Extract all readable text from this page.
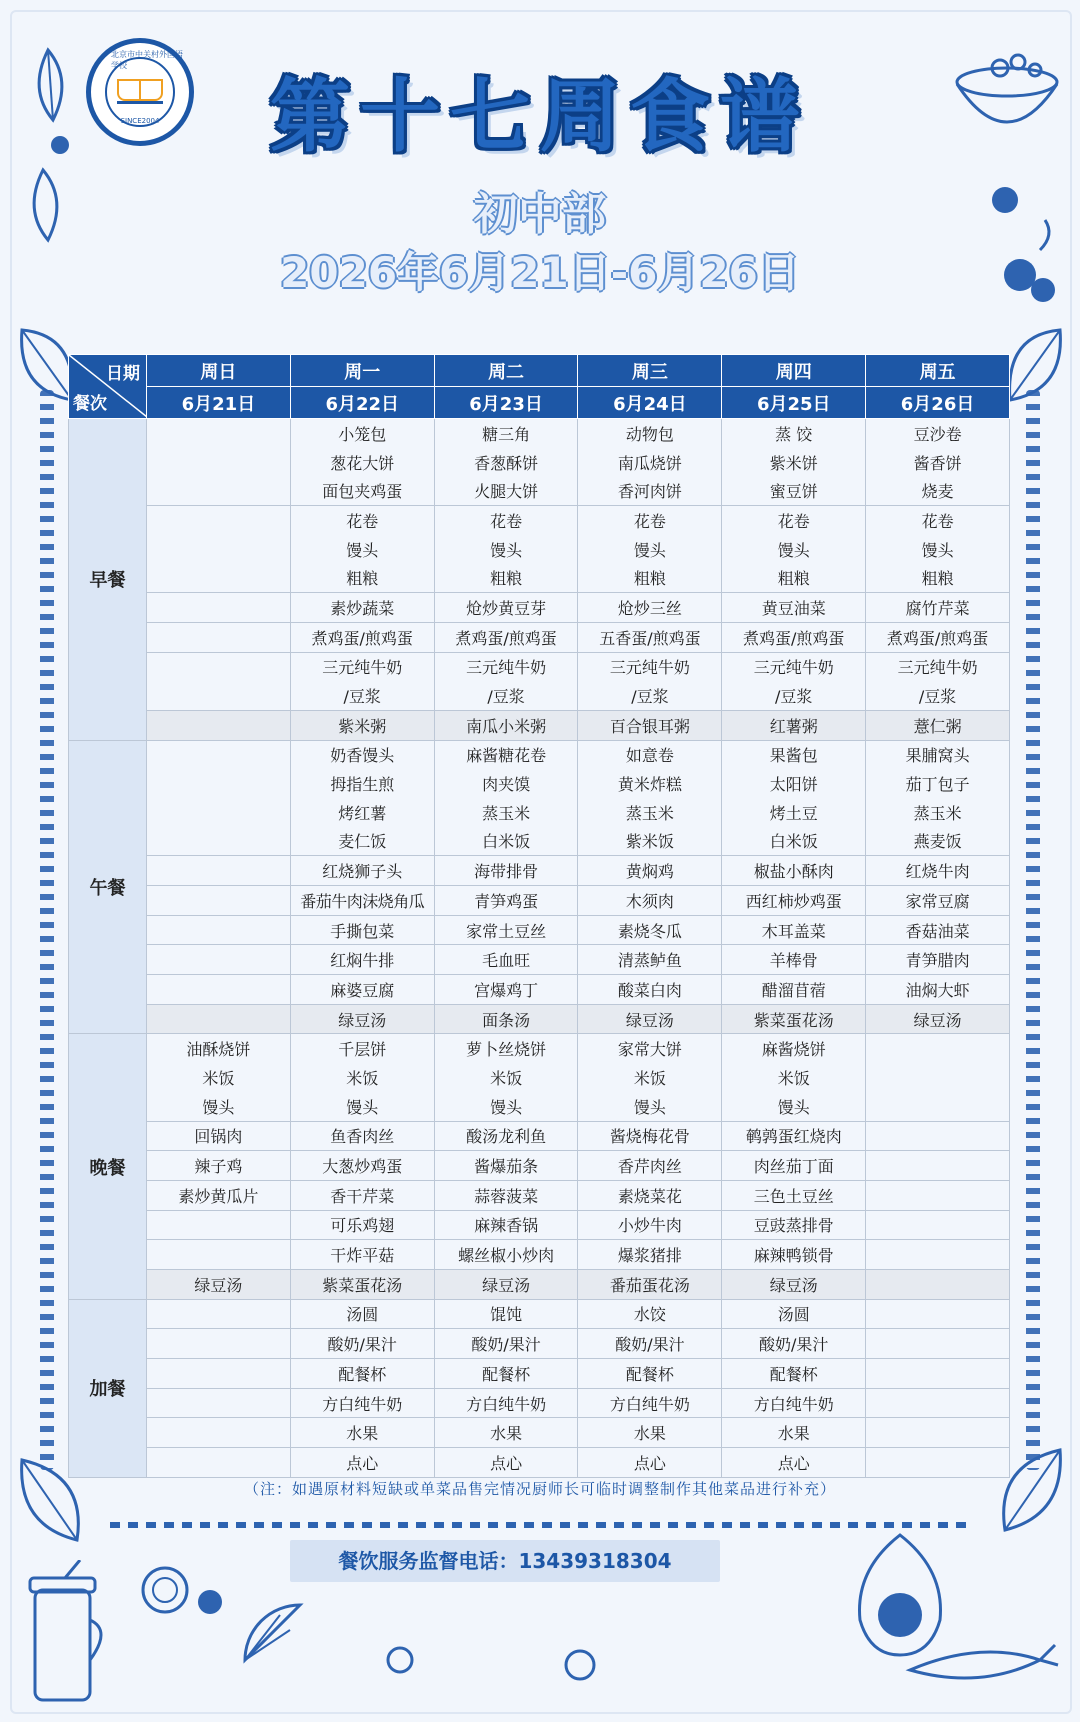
北京市中关村外国语学校
SINCE2004	第十七周食谱
初中部
2026年6月21日-6月26日
日期
餐次	周日	周一	周二	周三	周四	周五
	6月21日	6月22日	6月23日	6月24日	6月25日	6月26日
早餐		小笼包	糖三角	动物包	蒸 饺	豆沙卷
		葱花大饼	香葱酥饼	南瓜烧饼	紫米饼	酱香饼
		面包夹鸡蛋	火腿大饼	香河肉饼	蜜豆饼	烧麦
		花卷	花卷	花卷	花卷	花卷
		馒头	馒头	馒头	馒头	馒头
		粗粮	粗粮	粗粮	粗粮	粗粮
		素炒蔬菜	炝炒黄豆芽	炝炒三丝	黄豆油菜	腐竹芹菜
		煮鸡蛋/煎鸡蛋	煮鸡蛋/煎鸡蛋	五香蛋/煎鸡蛋	煮鸡蛋/煎鸡蛋	煮鸡蛋/煎鸡蛋
		三元纯牛奶	三元纯牛奶	三元纯牛奶	三元纯牛奶	三元纯牛奶
		/豆浆	/豆浆	/豆浆	/豆浆	/豆浆
		紫米粥	南瓜小米粥	百合银耳粥	红薯粥	薏仁粥
午餐		奶香馒头	麻酱糖花卷	如意卷	果酱包	果脯窝头
		拇指生煎	肉夹馍	黄米炸糕	太阳饼	茄丁包子
		烤红薯	蒸玉米	蒸玉米	烤土豆	蒸玉米
		麦仁饭	白米饭	紫米饭	白米饭	燕麦饭
		红烧狮子头	海带排骨	黄焖鸡	椒盐小酥肉	红烧牛肉
		番茄牛肉沫烧角瓜	青笋鸡蛋	木须肉	西红柿炒鸡蛋	家常豆腐
		手撕包菜	家常土豆丝	素烧冬瓜	木耳盖菜	香菇油菜
		红焖牛排	毛血旺	清蒸鲈鱼	羊棒骨	青笋腊肉
		麻婆豆腐	宫爆鸡丁	酸菜白肉	醋溜苜蓿	油焖大虾
		绿豆汤	面条汤	绿豆汤	紫菜蛋花汤	绿豆汤
晚餐	油酥烧饼	千层饼	萝卜丝烧饼	家常大饼	麻酱烧饼	
	米饭	米饭	米饭	米饭	米饭	
	馒头	馒头	馒头	馒头	馒头	
	回锅肉	鱼香肉丝	酸汤龙利鱼	酱烧梅花骨	鹌鹑蛋红烧肉	
	辣子鸡	大葱炒鸡蛋	酱爆茄条	香芹肉丝	肉丝茄丁面	
	素炒黄瓜片	香干芹菜	蒜蓉菠菜	素烧菜花	三色土豆丝	
		可乐鸡翅	麻辣香锅	小炒牛肉	豆豉蒸排骨	
		干炸平菇	螺丝椒小炒肉	爆浆猪排	麻辣鸭锁骨	
	绿豆汤	紫菜蛋花汤	绿豆汤	番茄蛋花汤	绿豆汤	
加餐		汤圆	馄饨	水饺	汤圆	
		酸奶/果汁	酸奶/果汁	酸奶/果汁	酸奶/果汁	
		配餐杯	配餐杯	配餐杯	配餐杯	
		方白纯牛奶	方白纯牛奶	方白纯牛奶	方白纯牛奶	
		水果	水果	水果	水果	
		点心	点心	点心	点心	
（注：如遇原材料短缺或单菜品售完情况厨师长可临时调整制作其他菜品进行补充）
餐饮服务监督电话：13439318304
